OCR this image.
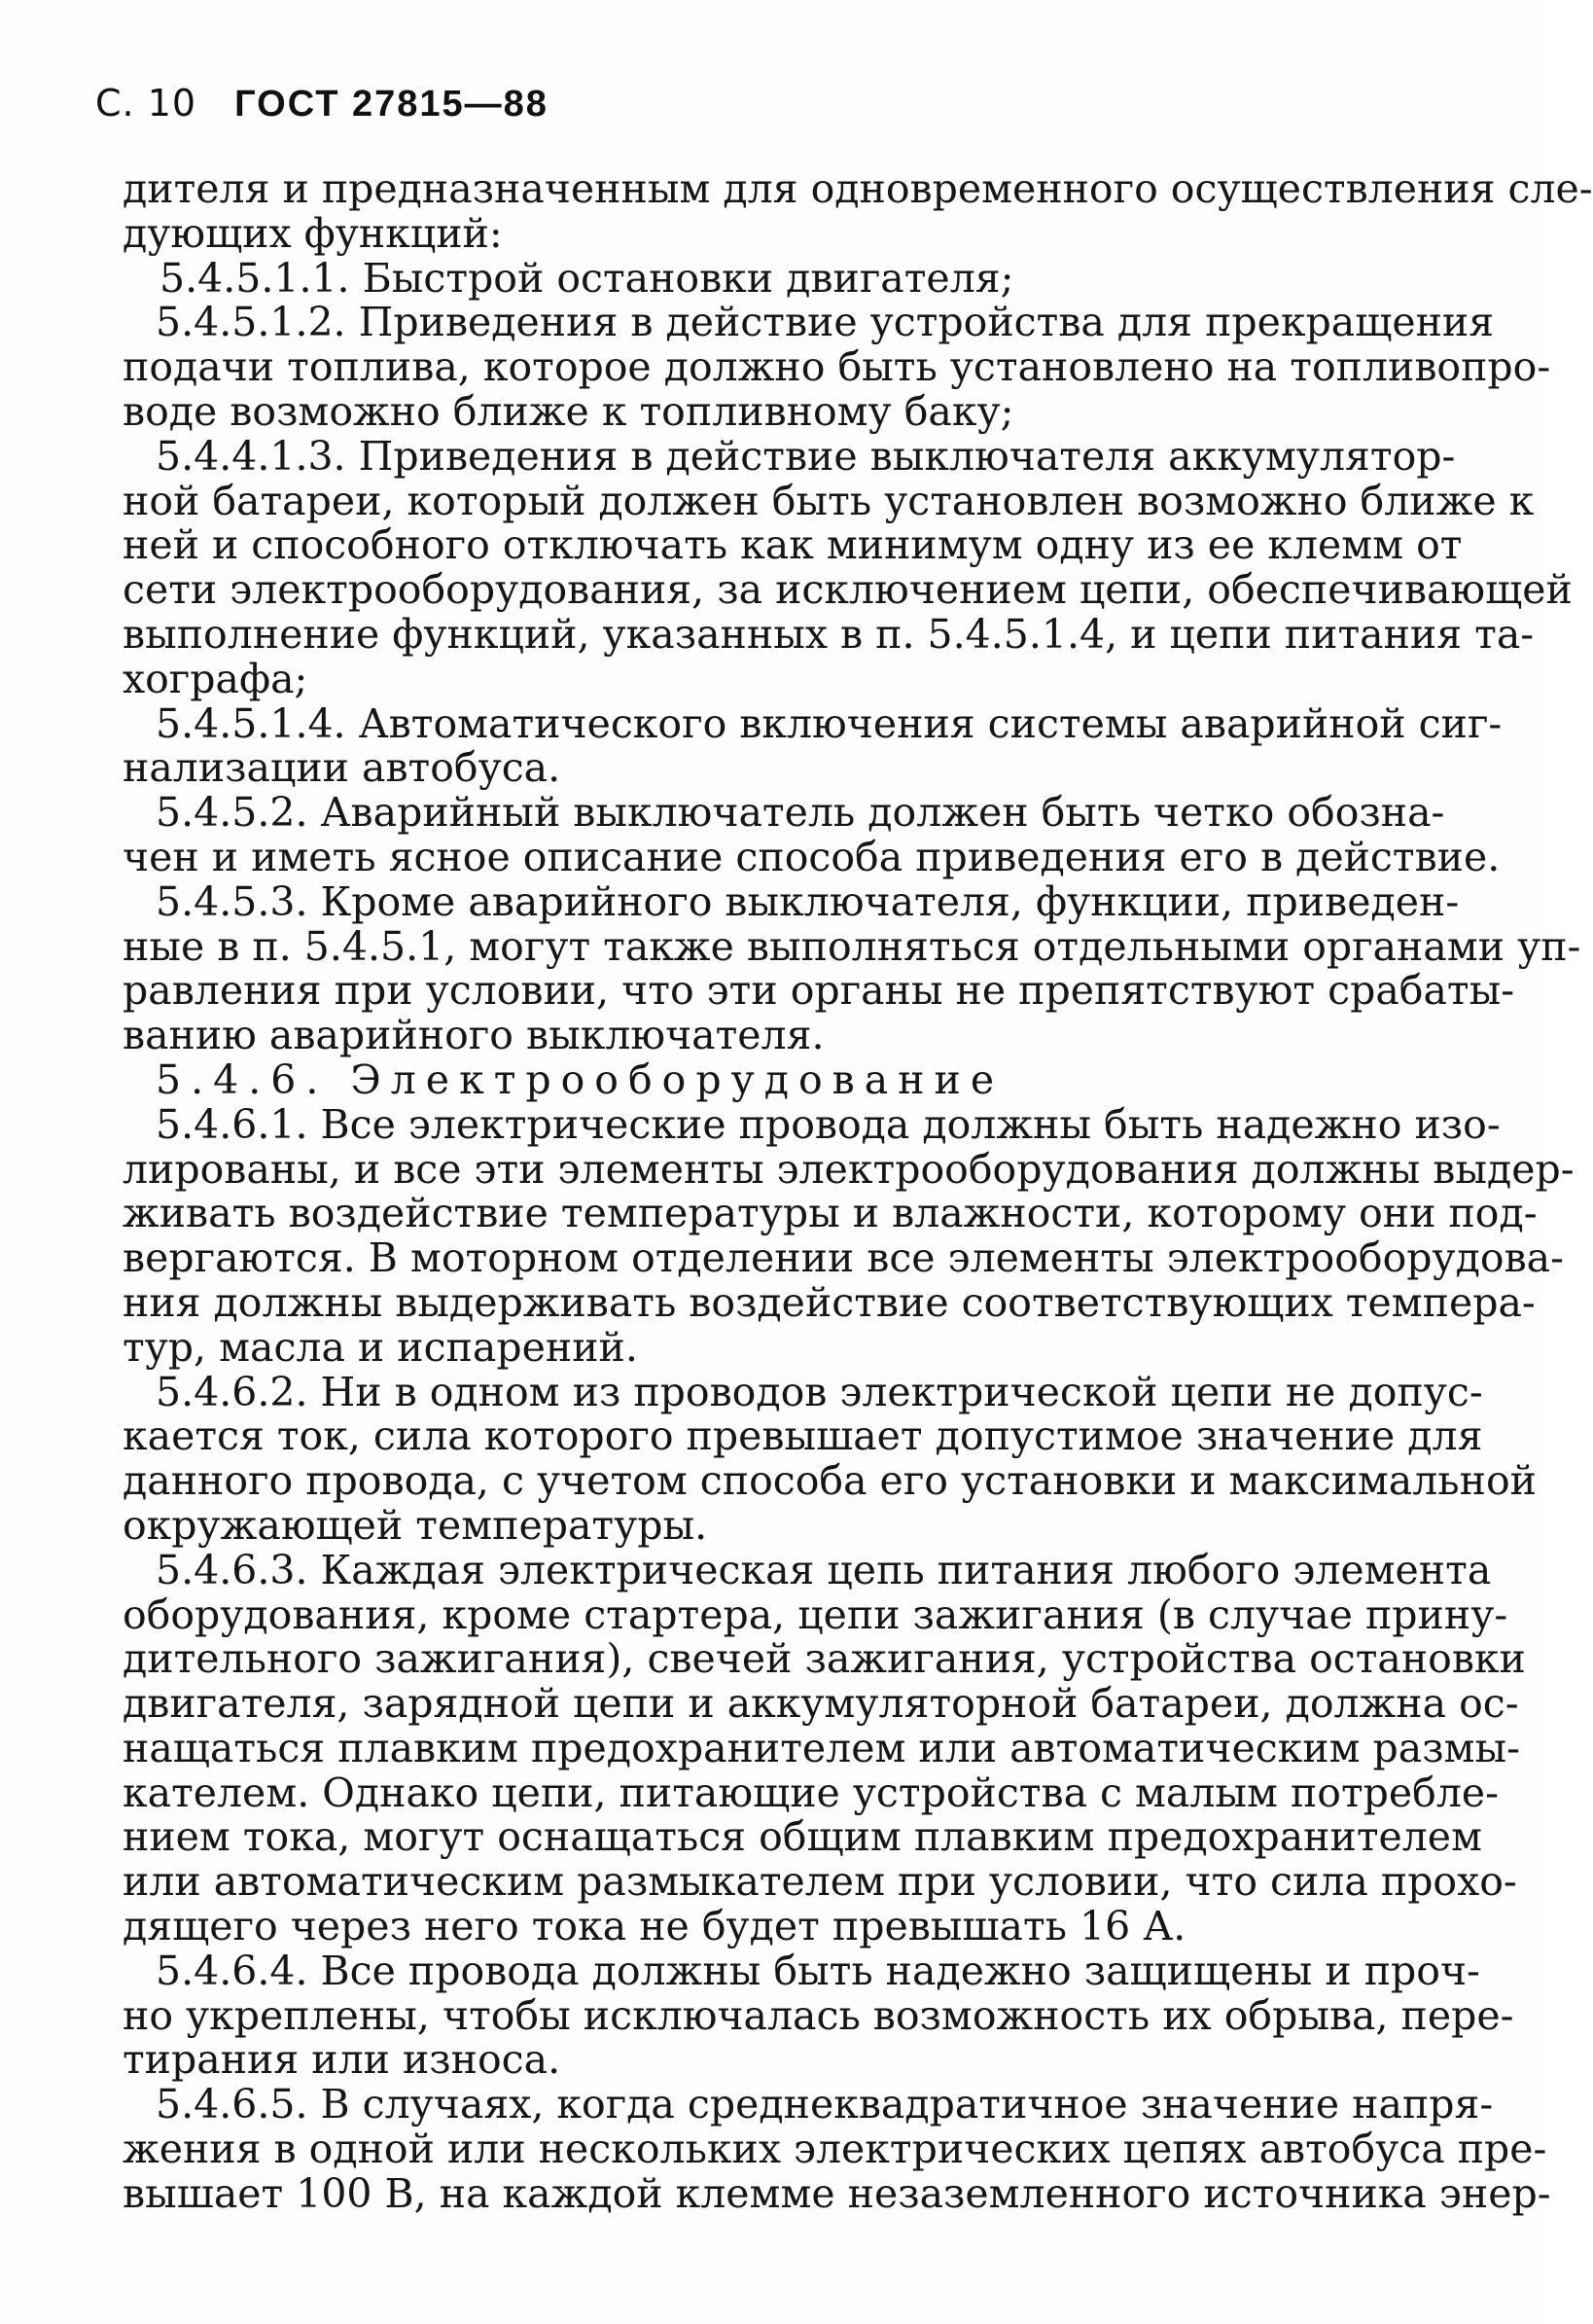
С. 10 ГОСТ 27815—88
дителя и предназначенным для одновременного осуществления сле-
дующих функций:
5.4.5.1.1. Быстрой остановки двигателя;
5.4.5.1.2. Приведения в действие устройства для прекращения
подачи топлива, которое должно быть установлено на топливопро-
воде возможно ближе к топливному баку;
5.4.4.1.3. Приведения в действие выключателя аккумулятор-
ной батареи, который должен быть установлен возможно ближе к
ней и способного отключать как минимум одну из ее клемм от
сети электрооборудования, за исключением цепи, обеспечивающей
выполнение функций, указанных в п. 5.4.5.1.4, и цепи питания та-
хографа;
5.4.5.1.4. Автоматического включения системы аварийной сиг-
нализации автобуса.
5.4.5.2. Аварийный выключатель должен быть четко обозна-
чен и иметь ясное описание способа приведения его в действие.
5.4.5.3. Кроме аварийного выключателя, функции, приведен-
ные в п. 5.4.5.1, могут также выполняться отдельными органами уп-
равления при условии, что эти органы не препятствуют срабаты-
ванию аварийного выключателя.
5.4.6. Электрооборудование
5.4.6.1. Все электрические провода должны быть надежно изо-
лированы, и все эти элементы электрооборудования должны выдер-
живать воздействие температуры и влажности, которому они под-
вергаются. В моторном отделении все элементы электрооборудова-
ния должны выдерживать воздействие соответствующих темпера-
тур, масла и испарений.
5.4.6.2. Ни в одном из проводов электрической цепи не допус-
кается ток, сила которого превышает допустимое значение для
данного провода, с учетом способа его установки и максимальной
окружающей температуры.
5.4.6.3. Каждая электрическая цепь питания любого элемента
оборудования, кроме стартера, цепи зажигания (в случае прину-
дительного зажигания), свечей зажигания, устройства остановки
двигателя, зарядной цепи и аккумуляторной батареи, должна ос-
нащаться плавким предохранителем или автоматическим размы-
кателем. Однако цепи, питающие устройства с малым потребле-
нием тока, могут оснащаться общим плавким предохранителем
или автоматическим размыкателем при условии, что сила прохо-
дящего через него тока не будет превышать 16 А.
5.4.6.4. Все провода должны быть надежно защищены и проч-
но укреплены, чтобы исключалась возможность их обрыва, пере-
тирания или износа.
5.4.6.5. В случаях, когда среднеквадратичное значение напря-
жения в одной или нескольких электрических цепях автобуса пре-
вышает 100 В, на каждой клемме незаземленного источника энер-
